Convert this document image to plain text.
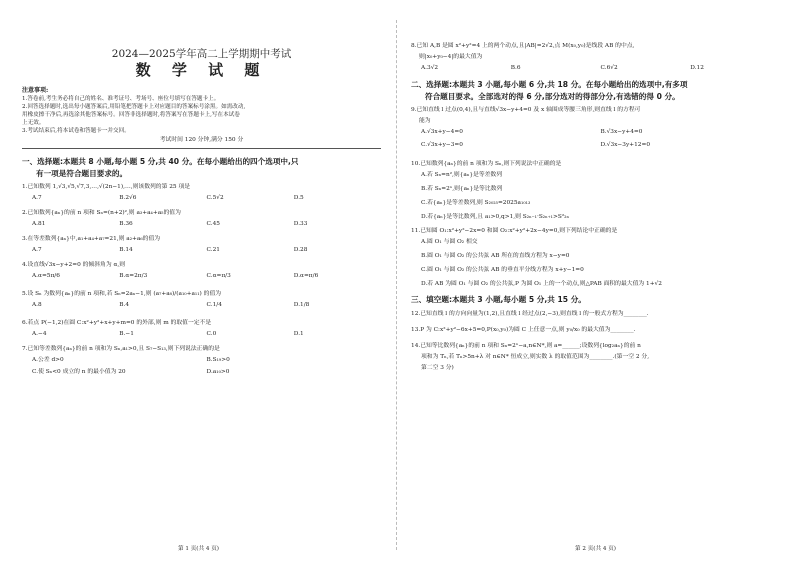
2024—2025学年高二上学期期中考试

数 学 试 题

注意事项:
1.答卷前,考生务必将自己的姓名、准考证号、考场号、座位号填写在答题卡上。
2.回答选择题时,选出每小题答案后,用铅笔把答题卡上对应题目的答案标号涂黑。如需改动,
用橡皮擦干净后,再选涂其他答案标号。回答非选择题时,将答案写在答题卡上,写在本试卷
上无效。
3.考试结束后,将本试卷和答题卡一并交回。
考试时间 120 分钟,满分 150 分
一、选择题:本题共 8 小题,每小题 5 分,共 40 分。在每小题给出的四个选项中,只
有一项是符合题目要求的。
1.已知数列 1,√3,√5,√7,3,…,√(2n−1),…,则该数列的第 25 项是
A.7	B.2√6	C.5√2	D.5
2.已知数列{aₙ}的前 n 项和 Sₙ=(n+2)²,则 a₃+a₄+a₅的值为
A.81	B.36	C.45	D.33
3.在等差数列{aₙ}中,a₁+a₄+a₇=21,则 a₂+a₆的值为
A.7	B.14	C.21	D.28
4.设直线√3x−y+2=0 的倾斜角为 α,则
A.α=5π/6	B.α=2π/3	C.α=π/3	D.α=π/6
5.设 Sₙ 为数列{aₙ}的前 n 项和,若 Sₙ=2aₙ−1,则 (a₇+a₈)/(a₁₀+a₁₁) 的值为
A.8	B.4	C.1/4	D.1/8
6.若点 P(−1,2)在圆 C:x²+y²+x+y+m=0 的外部,则 m 的取值一定不是
A.−4	B.−1	C.0	D.1
7.已知等差数列{aₙ}的前 n 项和为 Sₙ,a₁>0,且 S₇−S₁₃,则下列说法正确的是
A.公差 d>0	B.S₁₉>0
C.使 Sₙ<0 成立的 n 的最小值为 20	D.a₁₀>0
第 1 页(共 4 页)
8.已知 A,B 是圆 x²+y²=4 上的两个动点,且|AB|=2√2,点 M(x₀,y₀)是线段 AB 的中点,
则|x₀+y₀−4|的最大值为
A.3√2	B.6	C.6√2	D.12
二、选择题:本题共 3 小题,每小题 6 分,共 18 分。在每小题给出的选项中,有多项
符合题目要求。全部选对的得 6 分,部分选对的得部分分,有选错的得 0 分。
9.已知直线 l 过点(0,4),且与直线√3x−y+4=0 及 x 轴围成等腰三角形,则直线 l 的方程可
能为
A.√3x+y−4=0	B.√3x−y+4=0
C.√3x+y−3=0	D.√3x−3y+12=0
10.已知数列{aₙ}的前 n 项和为 Sₙ,则下列说法中正确的是
A.若 Sₙ=n²,则{aₙ}是等差数列
B.若 Sₙ=2ⁿ,则{aₙ}是等比数列
C.若{aₙ}是等差数列,则 S₂₀₂₅=2025a₁₀₁₃
D.若{aₙ}是等比数列,且 a₁>0,q>1,则 S₂ₙ₋₁·S₂ₙ₊₁>S²₂ₙ
11.已知圆 O₁:x²+y²−2x=0 和圆 O₂:x²+y²+2x−4y=0,则下列结论中正确的是
A.圆 O₁ 与圆 O₂ 相交
B.圆 O₁ 与圆 O₂ 的公共弦 AB 所在的直线方程为 x−y=0
C.圆 O₁ 与圆 O₂ 的公共弦 AB 的垂直平分线方程为 x+y−1=0
D.若 AB 为圆 O₁ 与圆 O₂ 的公共弦,P 为圆 O₁ 上的一个动点,则△PAB 面积的最大值为 1+√2
三、填空题:本题共 3 小题,每小题 5 分,共 15 分。
12.已知直线 l 的方向向量为(1,2),且直线 l 经过点(2,−3),则直线 l 的一般式方程为________.
13.P 为 C:x²+y²−6x+5=0,P(x₀,y₀)为圆 C 上任意一点,则 y₀/x₀ 的最大值为________.
14.已知等比数列{aₙ}的前 n 项和 Sₙ=2ⁿ−a,n∈N*,则 a=______;设数列{log₂aₙ}的前 n
项和为 Tₙ,若 Tₙ>5n+λ 对 n∈N* 恒成立,则实数 λ 的取值范围为________.(第一空 2 分,
第二空 3 分)
第 2 页(共 4 页)
